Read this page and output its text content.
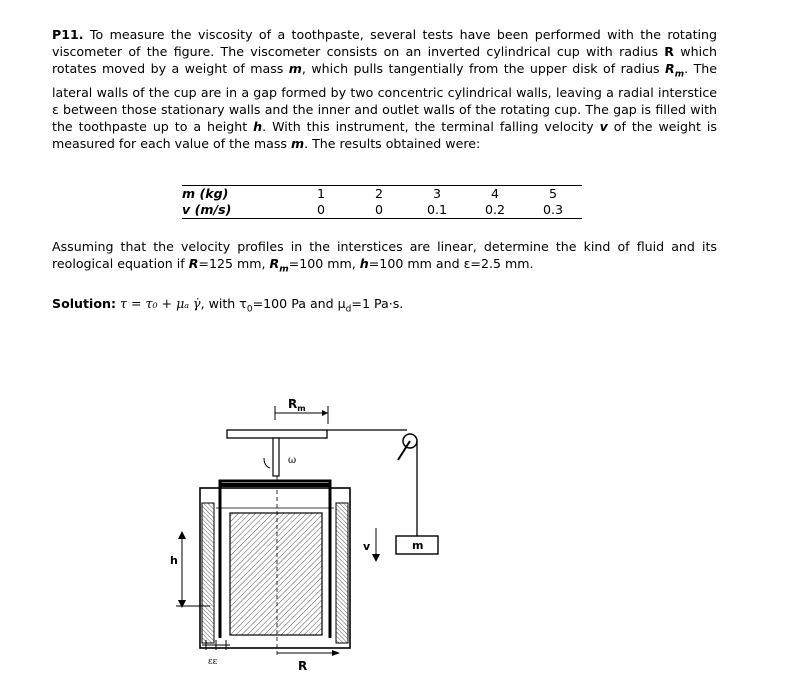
P11. To measure the viscosity of a toothpaste, several tests have been performed with the rotating viscometer of the figure. The viscometer consists on an inverted cylindrical cup with radius R which rotates moved by a weight of mass m, which pulls tangentially from the upper disk of radius $R_m$. The lateral walls of the cup are in a gap formed by two concentric cylindrical walls, leaving a radial interstice ε between those stationary walls and the inner and outlet walls of the rotating cup. The gap is filled with the toothpaste up to a height h. With this instrument, the terminal falling velocity v of the weight is measured for each value of the mass m. The results obtained were:

m (kg)	1	2	3	4	5
v (m/s)	0	0	0.1	0.2	0.3

Assuming that the velocity profiles in the interstices are linear, determine the kind of fluid and its reological equation if R=125 mm, $R_m=100$ mm, h=100 mm and ε=2.5 mm.

Solution: τ = τ₀ + μₐ γ̇, with $\tau_0=100$ Pa and $\mu_d=1$ Pa·s.
$R_m$
ω
m
v
h
εε	R
